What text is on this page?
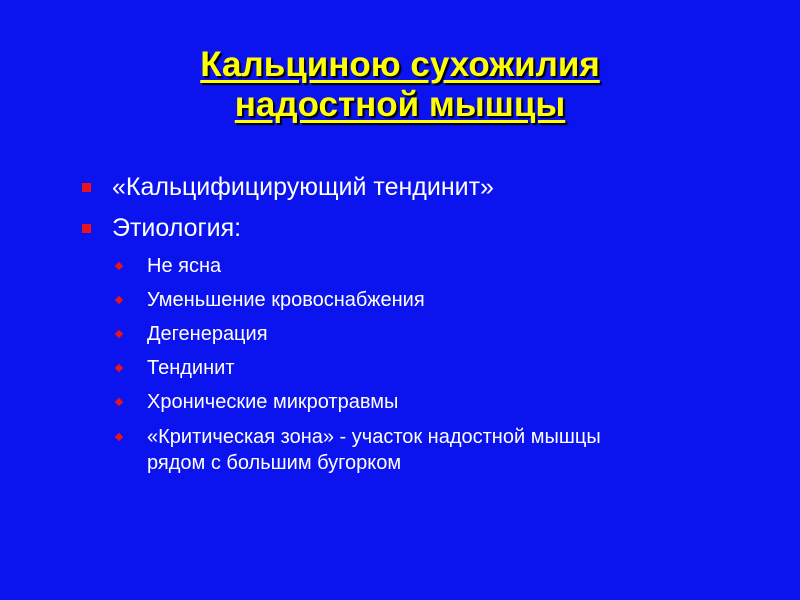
Кальциною сухожилия
надостной мышцы
«Кальцифицирующий тендинит»
Этиология:
Не ясна
Уменьшение кровоснабжения
Дегенерация
Тендинит
Хронические микротравмы
«Критическая зона» - участок надостной мышцы
рядом с большим бугорком
